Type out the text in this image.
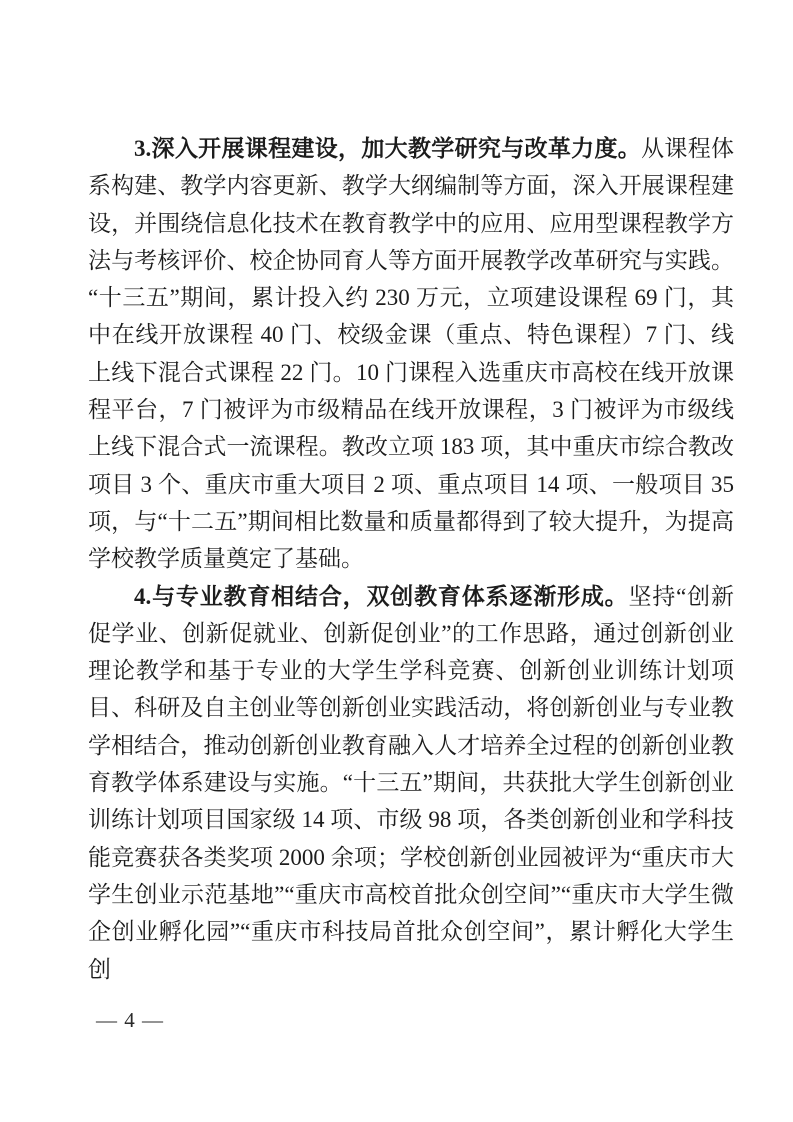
3.深入开展课程建设，加大教学研究与改革力度。从课程体系构建、教学内容更新、教学大纲编制等方面，深入开展课程建设，并围绕信息化技术在教育教学中的应用、应用型课程教学方法与考核评价、校企协同育人等方面开展教学改革研究与实践。“十三五”期间，累计投入约 230 万元，立项建设课程 69 门，其中在线开放课程 40 门、校级金课（重点、特色课程）7 门、线上线下混合式课程 22 门。10 门课程入选重庆市高校在线开放课程平台，7 门被评为市级精品在线开放课程，3 门被评为市级线上线下混合式一流课程。教改立项 183 项，其中重庆市综合教改项目 3 个、重庆市重大项目 2 项、重点项目 14 项、一般项目 35 项，与“十二五”期间相比数量和质量都得到了较大提升，为提高学校教学质量奠定了基础。

4.与专业教育相结合，双创教育体系逐渐形成。坚持“创新促学业、创新促就业、创新促创业”的工作思路，通过创新创业理论教学和基于专业的大学生学科竞赛、创新创业训练计划项目、科研及自主创业等创新创业实践活动，将创新创业与专业教学相结合，推动创新创业教育融入人才培养全过程的创新创业教育教学体系建设与实施。“十三五”期间，共获批大学生创新创业训练计划项目国家级 14 项、市级 98 项，各类创新创业和学科技能竞赛获各类奖项 2000 余项；学校创新创业园被评为“重庆市大学生创业示范基地”“重庆市高校首批众创空间”“重庆市大学生微企创业孵化园”“重庆市科技局首批众创空间”，累计孵化大学生创

— 4 —
